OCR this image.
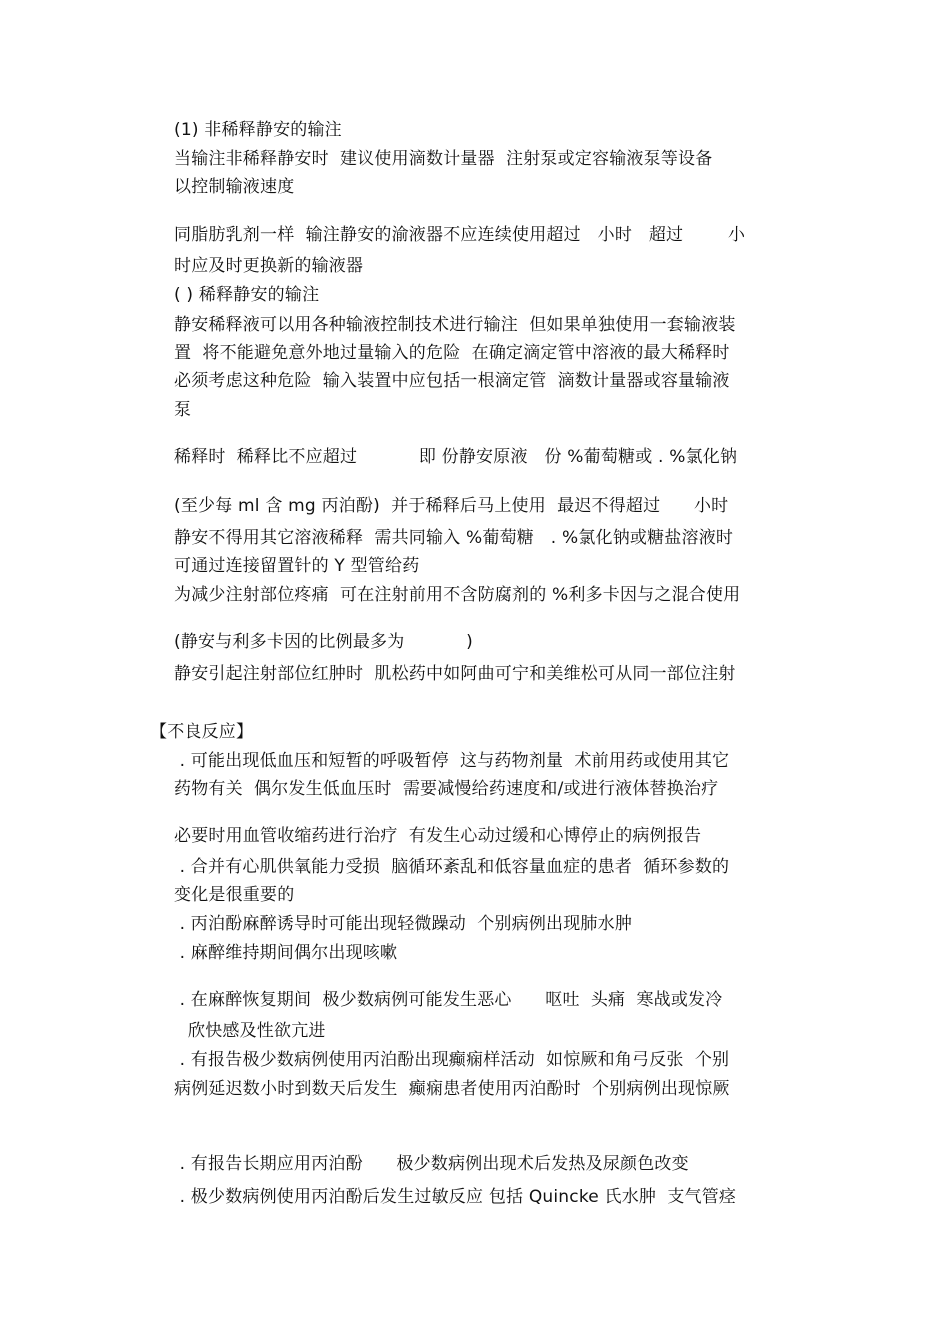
(1) 非稀释静安的输注
当输注非稀释静安时  建议使用滴数计量器  注射泵或定容输液泵等设备
以控制输液速度
同脂肪乳剂一样  输注静安的渝液器不应连续使用超过   小时   超过        小
时应及时更换新的输液器
( ) 稀释静安的输注
静安稀释液可以用各种输液控制技术进行输注  但如果单独使用一套输液装
置  将不能避免意外地过量输入的危险  在确定滴定管中溶液的最大稀释时
必须考虑这种危险  输入装置中应包括一根滴定管  滴数计量器或容量输液
泵
稀释时  稀释比不应超过           即 份静安原液   份 %葡萄糖或 . %氯化钠
(至少每 ml 含 mg 丙泊酚)  并于稀释后马上使用  最迟不得超过      小时
静安不得用其它溶液稀释  需共同输入 %葡萄糖   . %氯化钠或糖盐溶液时
可通过连接留置针的 Y 型管给药
为减少注射部位疼痛  可在注射前用不含防腐剂的 %利多卡因与之混合使用
(静安与利多卡因的比例最多为           )
静安引起注射部位红肿时  肌松药中如阿曲可宁和美维松可从同一部位注射
【不良反应】
. 可能出现低血压和短暂的呼吸暂停  这与药物剂量  术前用药或使用其它
药物有关  偶尔发生低血压时  需要减慢给药速度和/或进行液体替换治疗
必要时用血管收缩药进行治疗  有发生心动过缓和心博停止的病例报告
. 合并有心肌供氧能力受损  脑循环紊乱和低容量血症的患者  循环参数的
变化是很重要的
. 丙泊酚麻醉诱导时可能出现轻微躁动  个别病例出现肺水肿
. 麻醉维持期间偶尔出现咳嗽
. 在麻醉恢复期间  极少数病例可能发生恶心      呕吐  头痛  寒战或发冷
欣快感及性欲亢进
. 有报告极少数病例使用丙泊酚出现癫痫样活动  如惊厥和角弓反张  个别
病例延迟数小时到数天后发生  癫痫患者使用丙泊酚时  个别病例出现惊厥
. 有报告长期应用丙泊酚      极少数病例出现术后发热及尿颜色改变
. 极少数病例使用丙泊酚后发生过敏反应 包括 Quincke 氏水肿  支气管痉
